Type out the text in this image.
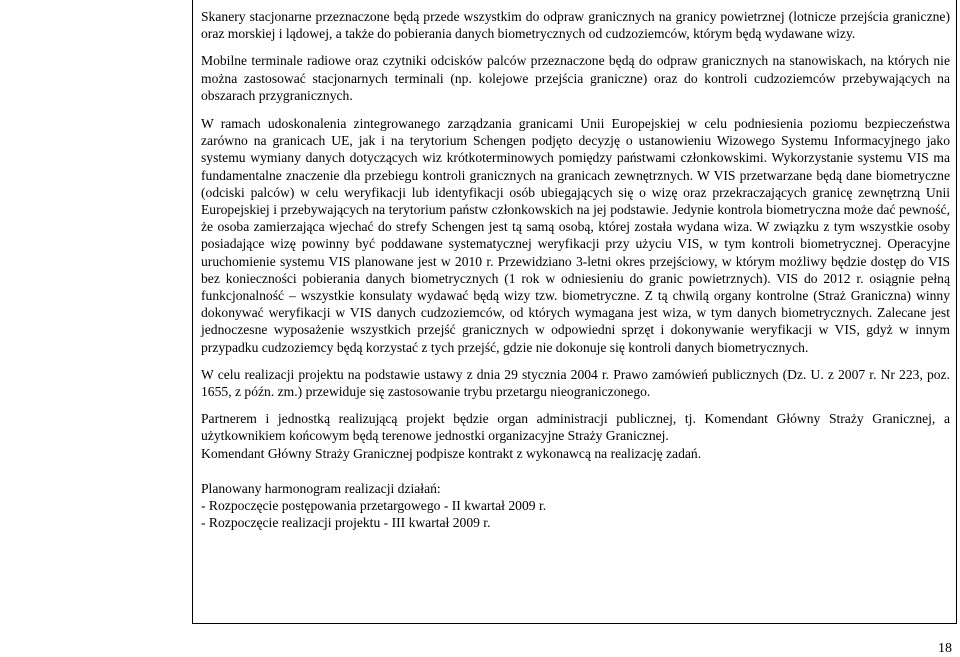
Skanery stacjonarne przeznaczone będą przede wszystkim do odpraw granicznych na granicy powietrznej (lotnicze przejścia graniczne) oraz morskiej i lądowej, a także do pobierania danych biometrycznych od cudzoziemców, którym będą wydawane wizy.

Mobilne terminale radiowe oraz czytniki odcisków palców przeznaczone będą do odpraw granicznych na stanowiskach, na których nie można zastosować stacjonarnych terminali (np. kolejowe przejścia graniczne) oraz do kontroli cudzoziemców przebywających na obszarach przygranicznych.

W ramach udoskonalenia zintegrowanego zarządzania granicami Unii Europejskiej w celu podniesienia poziomu bezpieczeństwa zarówno na granicach UE, jak i na terytorium Schengen podjęto decyzję o ustanowieniu Wizowego Systemu Informacyjnego jako systemu wymiany danych dotyczących wiz krótkoterminowych pomiędzy państwami członkowskimi. Wykorzystanie systemu VIS ma fundamentalne znaczenie dla przebiegu kontroli granicznych na granicach zewnętrznych. W VIS przetwarzane będą dane biometryczne (odciski palców) w celu weryfikacji lub identyfikacji osób ubiegających się o wizę oraz przekraczających granicę zewnętrzną Unii Europejskiej i przebywających na terytorium państw członkowskich na jej podstawie. Jedynie kontrola biometryczna może dać pewność, że osoba zamierzająca wjechać do strefy Schengen jest tą samą osobą, której została wydana wiza. W związku z tym wszystkie osoby posiadające wizę powinny być poddawane systematycznej weryfikacji przy użyciu VIS, w tym kontroli biometrycznej. Operacyjne uruchomienie systemu VIS planowane jest w 2010 r. Przewidziano 3-letni okres przejściowy, w którym możliwy będzie dostęp do VIS bez konieczności pobierania danych biometrycznych (1 rok w odniesieniu do granic powietrznych). VIS do 2012 r. osiągnie pełną funkcjonalność – wszystkie konsulaty wydawać będą wizy tzw. biometryczne. Z tą chwilą organy kontrolne (Straż Graniczna) winny dokonywać weryfikacji w VIS danych cudzoziemców, od których wymagana jest wiza, w tym danych biometrycznych. Zalecane jest jednoczesne wyposażenie wszystkich przejść granicznych w odpowiedni sprzęt i dokonywanie weryfikacji w VIS, gdyż w innym przypadku cudzoziemcy będą korzystać z tych przejść, gdzie nie dokonuje się kontroli danych biometrycznych.

W celu realizacji projektu na podstawie ustawy z dnia 29 stycznia 2004 r. Prawo zamówień publicznych (Dz. U. z 2007 r. Nr 223, poz. 1655, z późn. zm.) przewiduje się zastosowanie trybu przetargu nieograniczonego.

Partnerem i jednostką realizującą projekt będzie organ administracji publicznej, tj. Komendant Główny Straży Granicznej, a użytkownikiem końcowym będą terenowe jednostki organizacyjne Straży Granicznej.

Komendant Główny Straży Granicznej podpisze kontrakt z wykonawcą na realizację zadań.

Planowany harmonogram realizacji działań:

- Rozpoczęcie postępowania przetargowego - II kwartał 2009 r.

- Rozpoczęcie realizacji projektu - III kwartał 2009 r.

18
